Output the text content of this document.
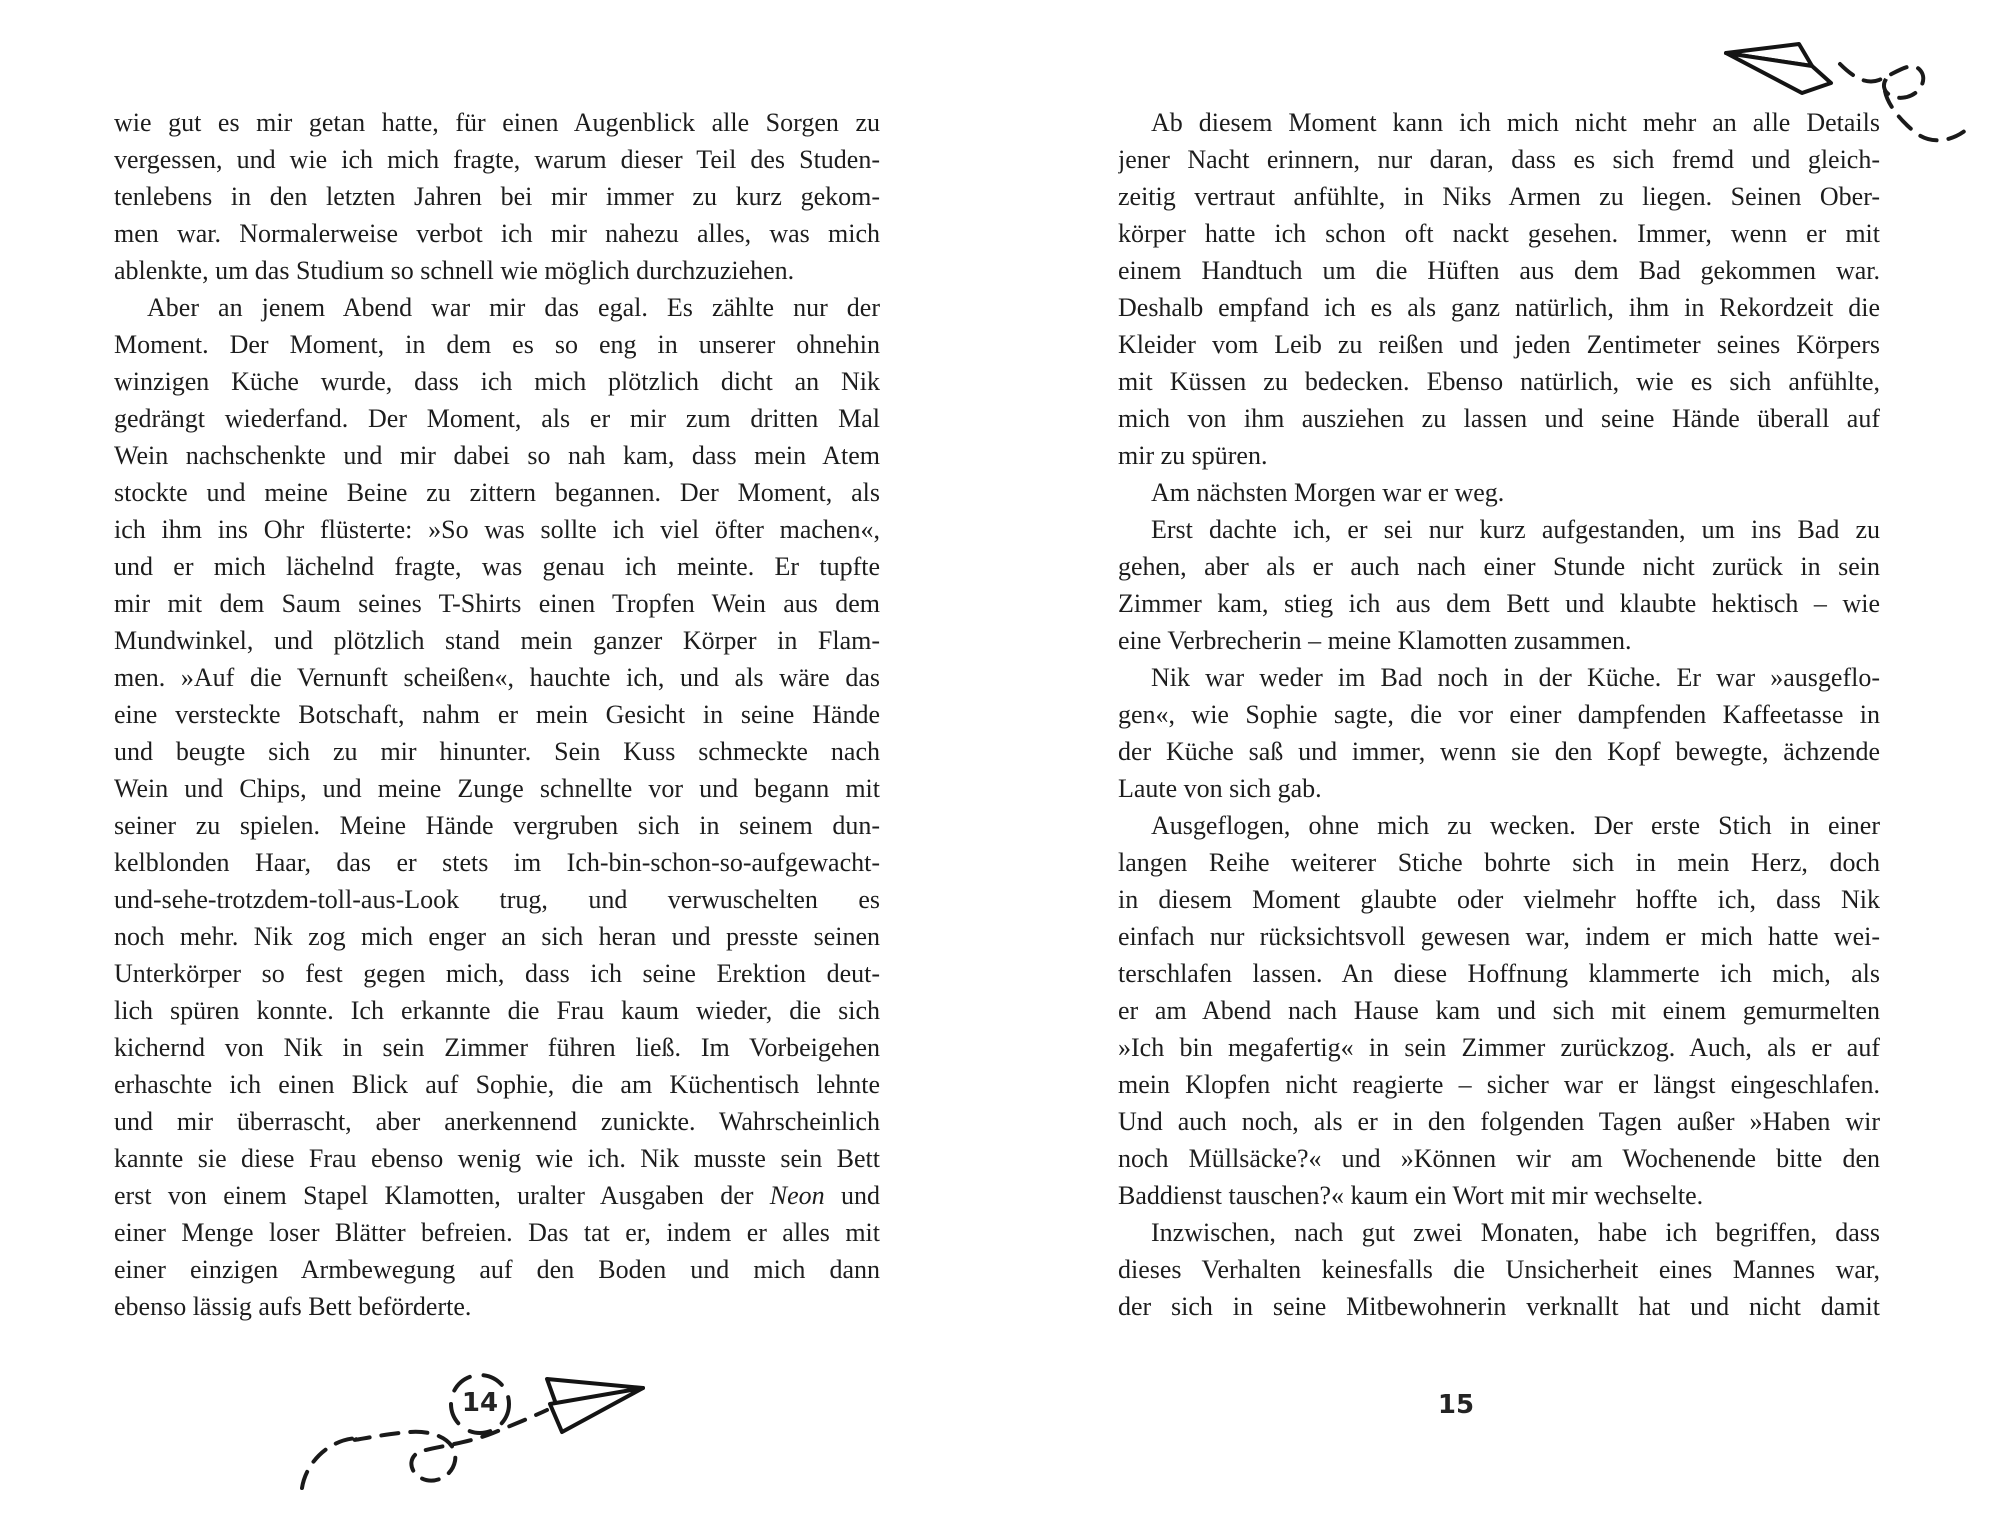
wie gut es mir getan hatte, für einen Augenblick alle Sorgen zu
vergessen, und wie ich mich fragte, warum dieser Teil des Studen-
tenlebens in den letzten Jahren bei mir immer zu kurz gekom-
men war. Normalerweise verbot ich mir nahezu alles, was mich
ablenkte, um das Studium so schnell wie möglich durchzuziehen.
Aber an jenem Abend war mir das egal. Es zählte nur der
Moment. Der Moment, in dem es so eng in unserer ohnehin
winzigen Küche wurde, dass ich mich plötzlich dicht an Nik
gedrängt wiederfand. Der Moment, als er mir zum dritten Mal
Wein nachschenkte und mir dabei so nah kam, dass mein Atem
stockte und meine Beine zu zittern begannen. Der Moment, als
ich ihm ins Ohr flüsterte: »So was sollte ich viel öfter machen«,
und er mich lächelnd fragte, was genau ich meinte. Er tupfte
mir mit dem Saum seines T-Shirts einen Tropfen Wein aus dem
Mundwinkel, und plötzlich stand mein ganzer Körper in Flam-
men. »Auf die Vernunft scheißen«, hauchte ich, und als wäre das
eine versteckte Botschaft, nahm er mein Gesicht in seine Hände
und beugte sich zu mir hinunter. Sein Kuss schmeckte nach
Wein und Chips, und meine Zunge schnellte vor und begann mit
seiner zu spielen. Meine Hände vergruben sich in seinem dun-
kelblonden Haar, das er stets im Ich-bin-schon-so-aufgewacht-
und-sehe-trotzdem-toll-aus-Look trug, und verwuschelten es
noch mehr. Nik zog mich enger an sich heran und presste seinen
Unterkörper so fest gegen mich, dass ich seine Erektion deut-
lich spüren konnte. Ich erkannte die Frau kaum wieder, die sich
kichernd von Nik in sein Zimmer führen ließ. Im Vorbeigehen
erhaschte ich einen Blick auf Sophie, die am Küchentisch lehnte
und mir überrascht, aber anerkennend zunickte. Wahrscheinlich
kannte sie diese Frau ebenso wenig wie ich. Nik musste sein Bett
erst von einem Stapel Klamotten, uralter Ausgaben der Neon und
einer Menge loser Blätter befreien. Das tat er, indem er alles mit
einer einzigen Armbewegung auf den Boden und mich dann
ebenso lässig aufs Bett beförderte.
Ab diesem Moment kann ich mich nicht mehr an alle Details
jener Nacht erinnern, nur daran, dass es sich fremd und gleich-
zeitig vertraut anfühlte, in Niks Armen zu liegen. Seinen Ober-
körper hatte ich schon oft nackt gesehen. Immer, wenn er mit
einem Handtuch um die Hüften aus dem Bad gekommen war.
Deshalb empfand ich es als ganz natürlich, ihm in Rekordzeit die
Kleider vom Leib zu reißen und jeden Zentimeter seines Körpers
mit Küssen zu bedecken. Ebenso natürlich, wie es sich anfühlte,
mich von ihm ausziehen zu lassen und seine Hände überall auf
mir zu spüren.
Am nächsten Morgen war er weg.
Erst dachte ich, er sei nur kurz aufgestanden, um ins Bad zu
gehen, aber als er auch nach einer Stunde nicht zurück in sein
Zimmer kam, stieg ich aus dem Bett und klaubte hektisch – wie
eine Verbrecherin – meine Klamotten zusammen.
Nik war weder im Bad noch in der Küche. Er war »ausgeflo-
gen«, wie Sophie sagte, die vor einer dampfenden Kaffeetasse in
der Küche saß und immer, wenn sie den Kopf bewegte, ächzende
Laute von sich gab.
Ausgeflogen, ohne mich zu wecken. Der erste Stich in einer
langen Reihe weiterer Stiche bohrte sich in mein Herz, doch
in diesem Moment glaubte oder vielmehr hoffte ich, dass Nik
einfach nur rücksichtsvoll gewesen war, indem er mich hatte wei-
terschlafen lassen. An diese Hoffnung klammerte ich mich, als
er am Abend nach Hause kam und sich mit einem gemurmelten
»Ich bin megafertig« in sein Zimmer zurückzog. Auch, als er auf
mein Klopfen nicht reagierte – sicher war er längst eingeschlafen.
Und auch noch, als er in den folgenden Tagen außer »Haben wir
noch Müllsäcke?« und »Können wir am Wochenende bitte den
Baddienst tauschen?« kaum ein Wort mit mir wechselte.
Inzwischen, nach gut zwei Monaten, habe ich begriffen, dass
dieses Verhalten keinesfalls die Unsicherheit eines Mannes war,
der sich in seine Mitbewohnerin verknallt hat und nicht damit
14	15
